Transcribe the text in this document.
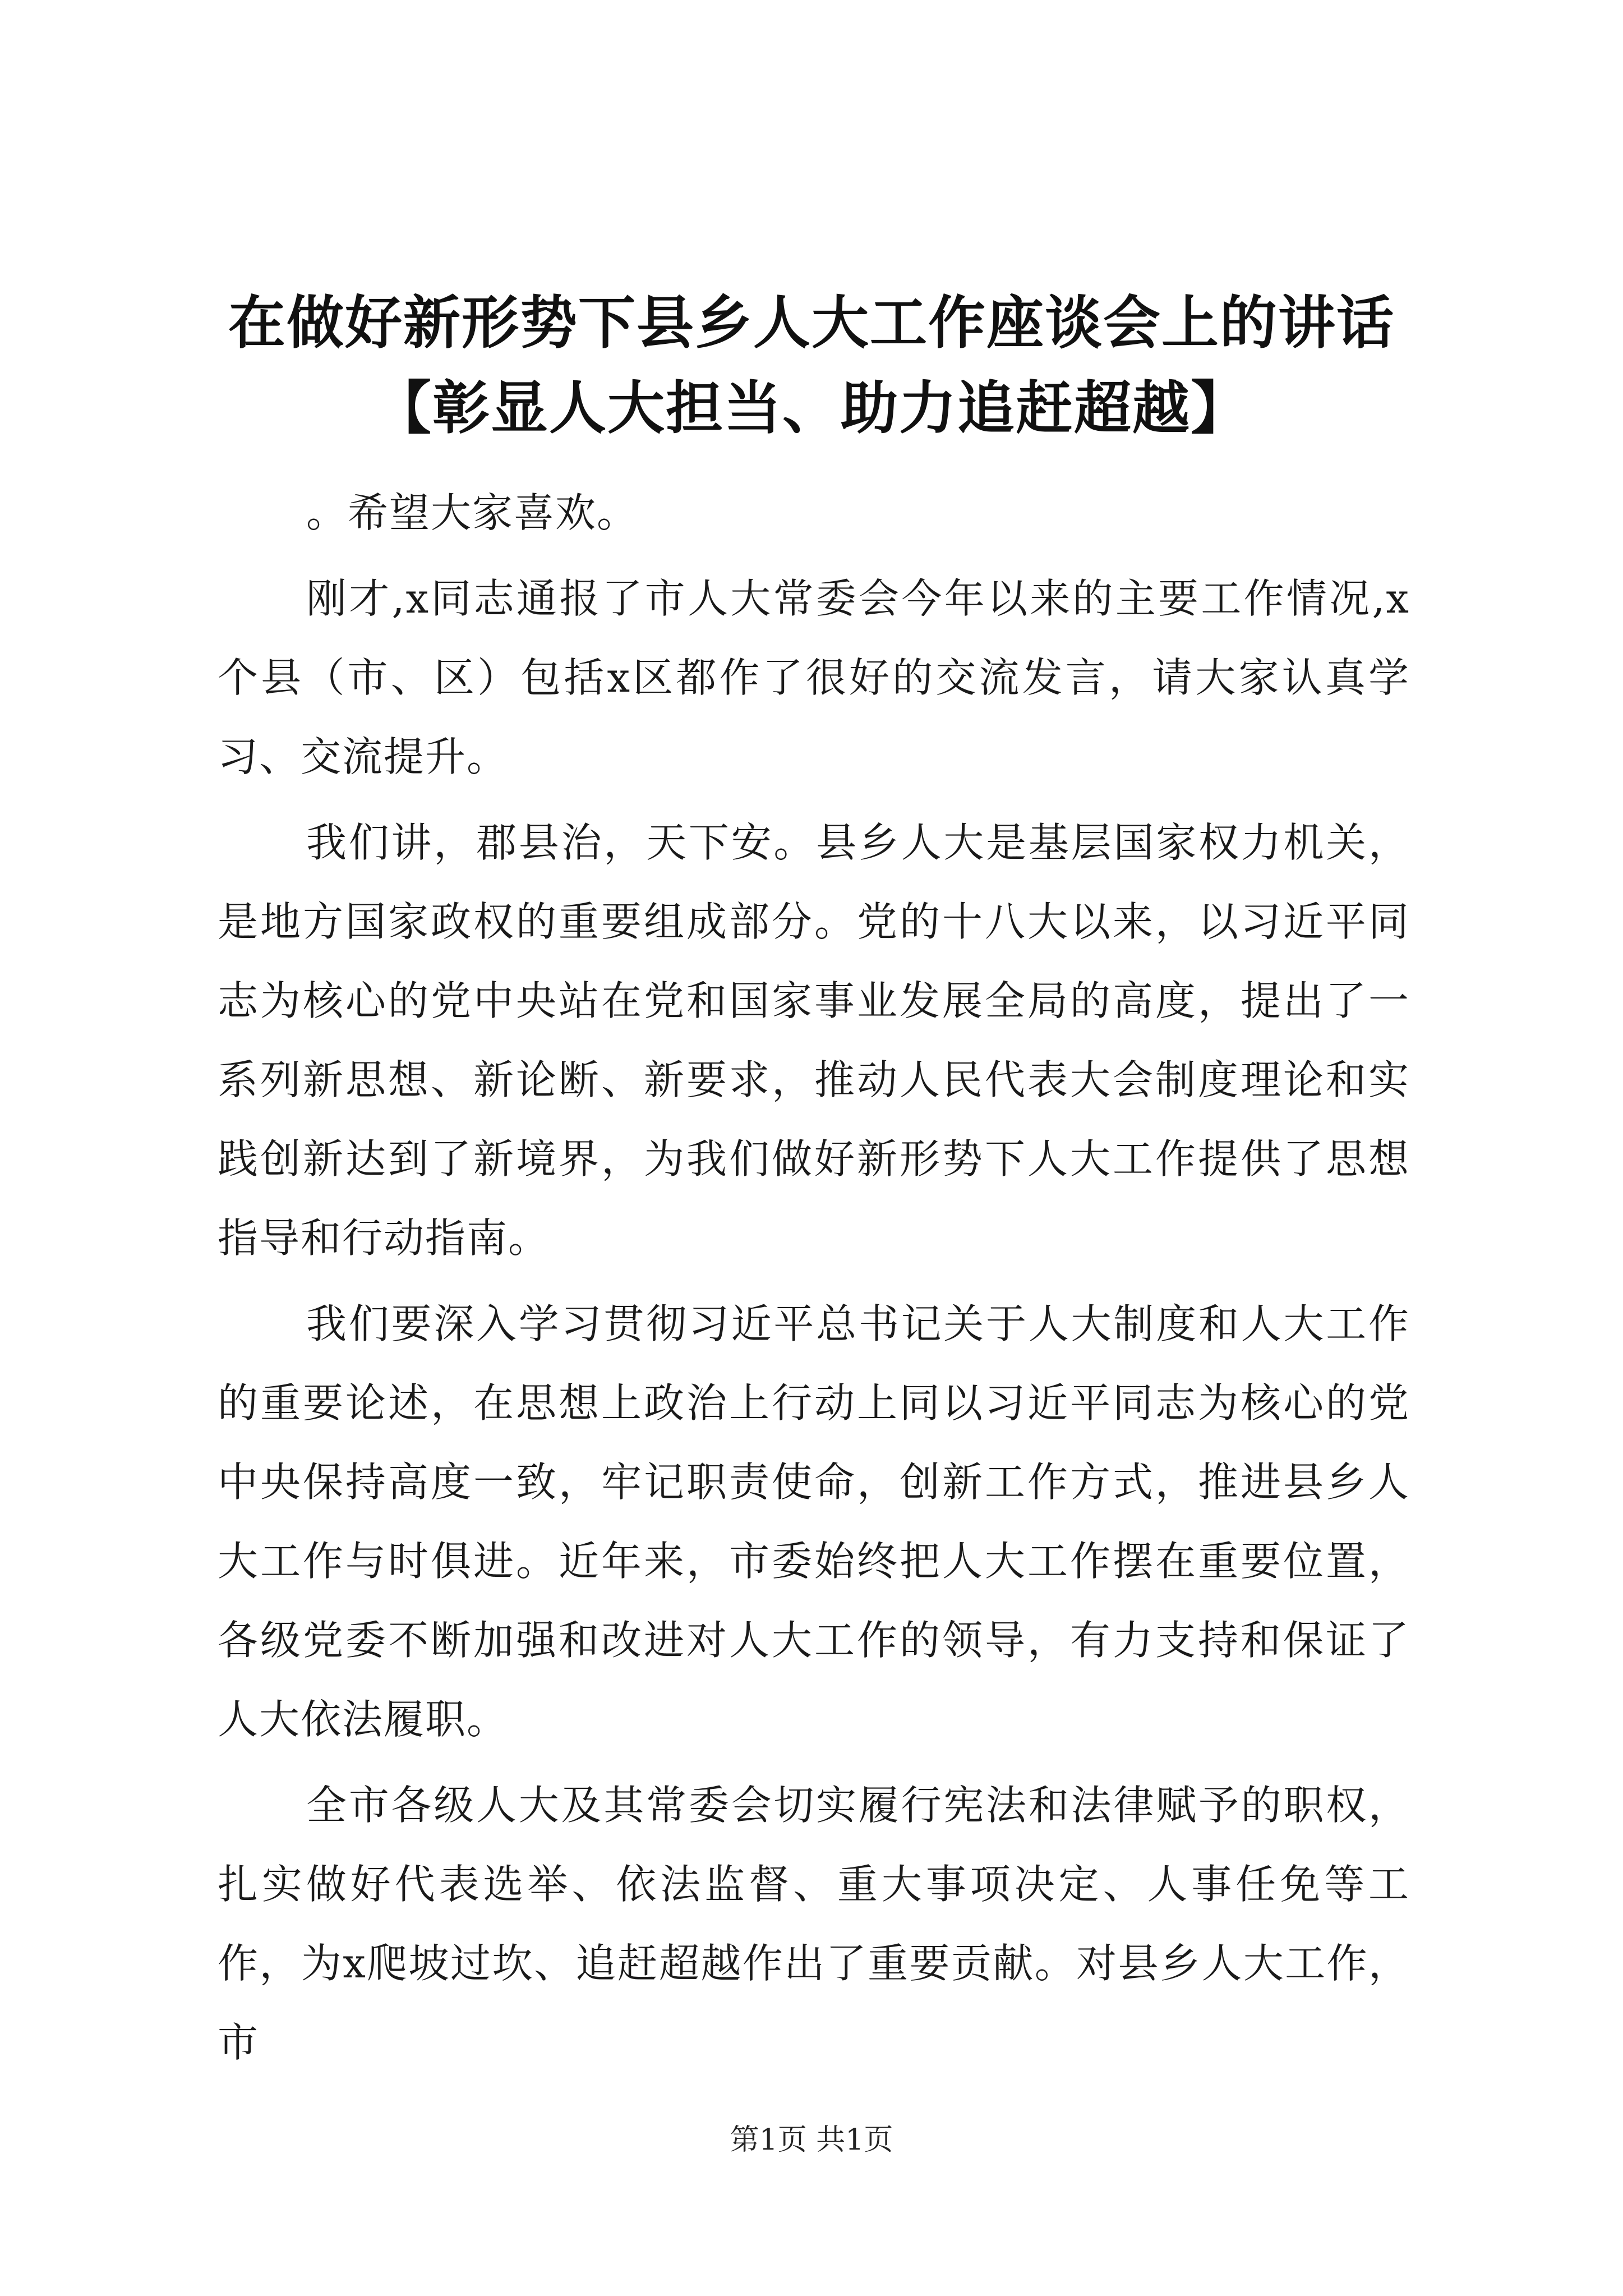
在做好新形势下县乡人大工作座谈会上的讲话
【彰显人大担当、助力追赶超越】

。希望大家喜欢。

刚才,x同志通报了市人大常委会今年以来的主要工作情况,x个县（市、区）包括x区都作了很好的交流发言，请大家认真学习、交流提升。

我们讲，郡县治，天下安。县乡人大是基层国家权力机关，是地方国家政权的重要组成部分。党的十八大以来，以习近平同志为核心的党中央站在党和国家事业发展全局的高度，提出了一系列新思想、新论断、新要求，推动人民代表大会制度理论和实践创新达到了新境界，为我们做好新形势下人大工作提供了思想指导和行动指南。

我们要深入学习贯彻习近平总书记关于人大制度和人大工作的重要论述，在思想上政治上行动上同以习近平同志为核心的党中央保持高度一致，牢记职责使命，创新工作方式，推进县乡人大工作与时俱进。近年来，市委始终把人大工作摆在重要位置，各级党委不断加强和改进对人大工作的领导，有力支持和保证了人大依法履职。

全市各级人大及其常委会切实履行宪法和法律赋予的职权，扎实做好代表选举、依法监督、重大事项决定、人事任免等工作，为x爬坡过坎、追赶超越作出了重要贡献。对县乡人大工作，市

第1页 共1页
